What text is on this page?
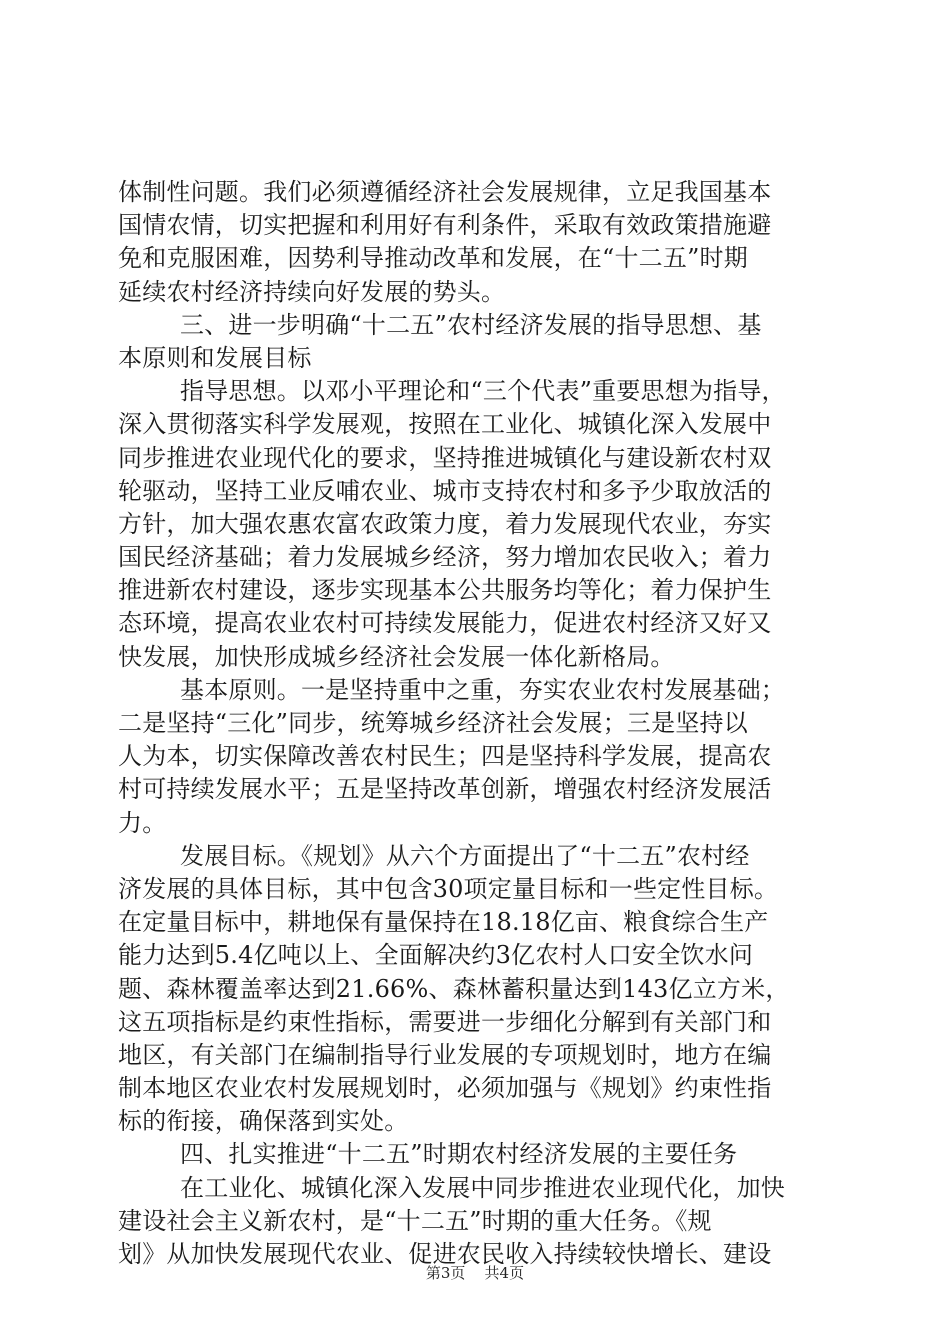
体制性问题。我们必须遵循经济社会发展规律，立足我国基本
国情农情，切实把握和利用好有利条件，采取有效政策措施避
免和克服困难，因势利导推动改革和发展，在“十二五”时期
延续农村经济持续向好发展的势头。
三、进一步明确“十二五”农村经济发展的指导思想、基
本原则和发展目标
指导思想。以邓小平理论和“三个代表”重要思想为指导，
深入贯彻落实科学发展观，按照在工业化、城镇化深入发展中
同步推进农业现代化的要求，坚持推进城镇化与建设新农村双
轮驱动，坚持工业反哺农业、城市支持农村和多予少取放活的
方针，加大强农惠农富农政策力度，着力发展现代农业，夯实
国民经济基础；着力发展城乡经济，努力增加农民收入；着力
推进新农村建设，逐步实现基本公共服务均等化；着力保护生
态环境，提高农业农村可持续发展能力，促进农村经济又好又
快发展，加快形成城乡经济社会发展一体化新格局。
基本原则。一是坚持重中之重，夯实农业农村发展基础；
二是坚持“三化”同步，统筹城乡经济社会发展；三是坚持以
人为本，切实保障改善农村民生；四是坚持科学发展，提高农
村可持续发展水平；五是坚持改革创新，增强农村经济发展活
力。
发展目标。《规划》从六个方面提出了“十二五”农村经
济发展的具体目标，其中包含30项定量目标和一些定性目标。
在定量目标中，耕地保有量保持在18.18亿亩、粮食综合生产
能力达到5.4亿吨以上、全面解决约3亿农村人口安全饮水问
题、森林覆盖率达到21.66%、森林蓄积量达到143亿立方米，
这五项指标是约束性指标，需要进一步细化分解到有关部门和
地区，有关部门在编制指导行业发展的专项规划时，地方在编
制本地区农业农村发展规划时，必须加强与《规划》约束性指
标的衔接，确保落到实处。
四、扎实推进“十二五”时期农村经济发展的主要任务
在工业化、城镇化深入发展中同步推进农业现代化，加快
建设社会主义新农村，是“十二五”时期的重大任务。《规
划》从加快发展现代农业、促进农民收入持续较快增长、建设
第3页 共4页
